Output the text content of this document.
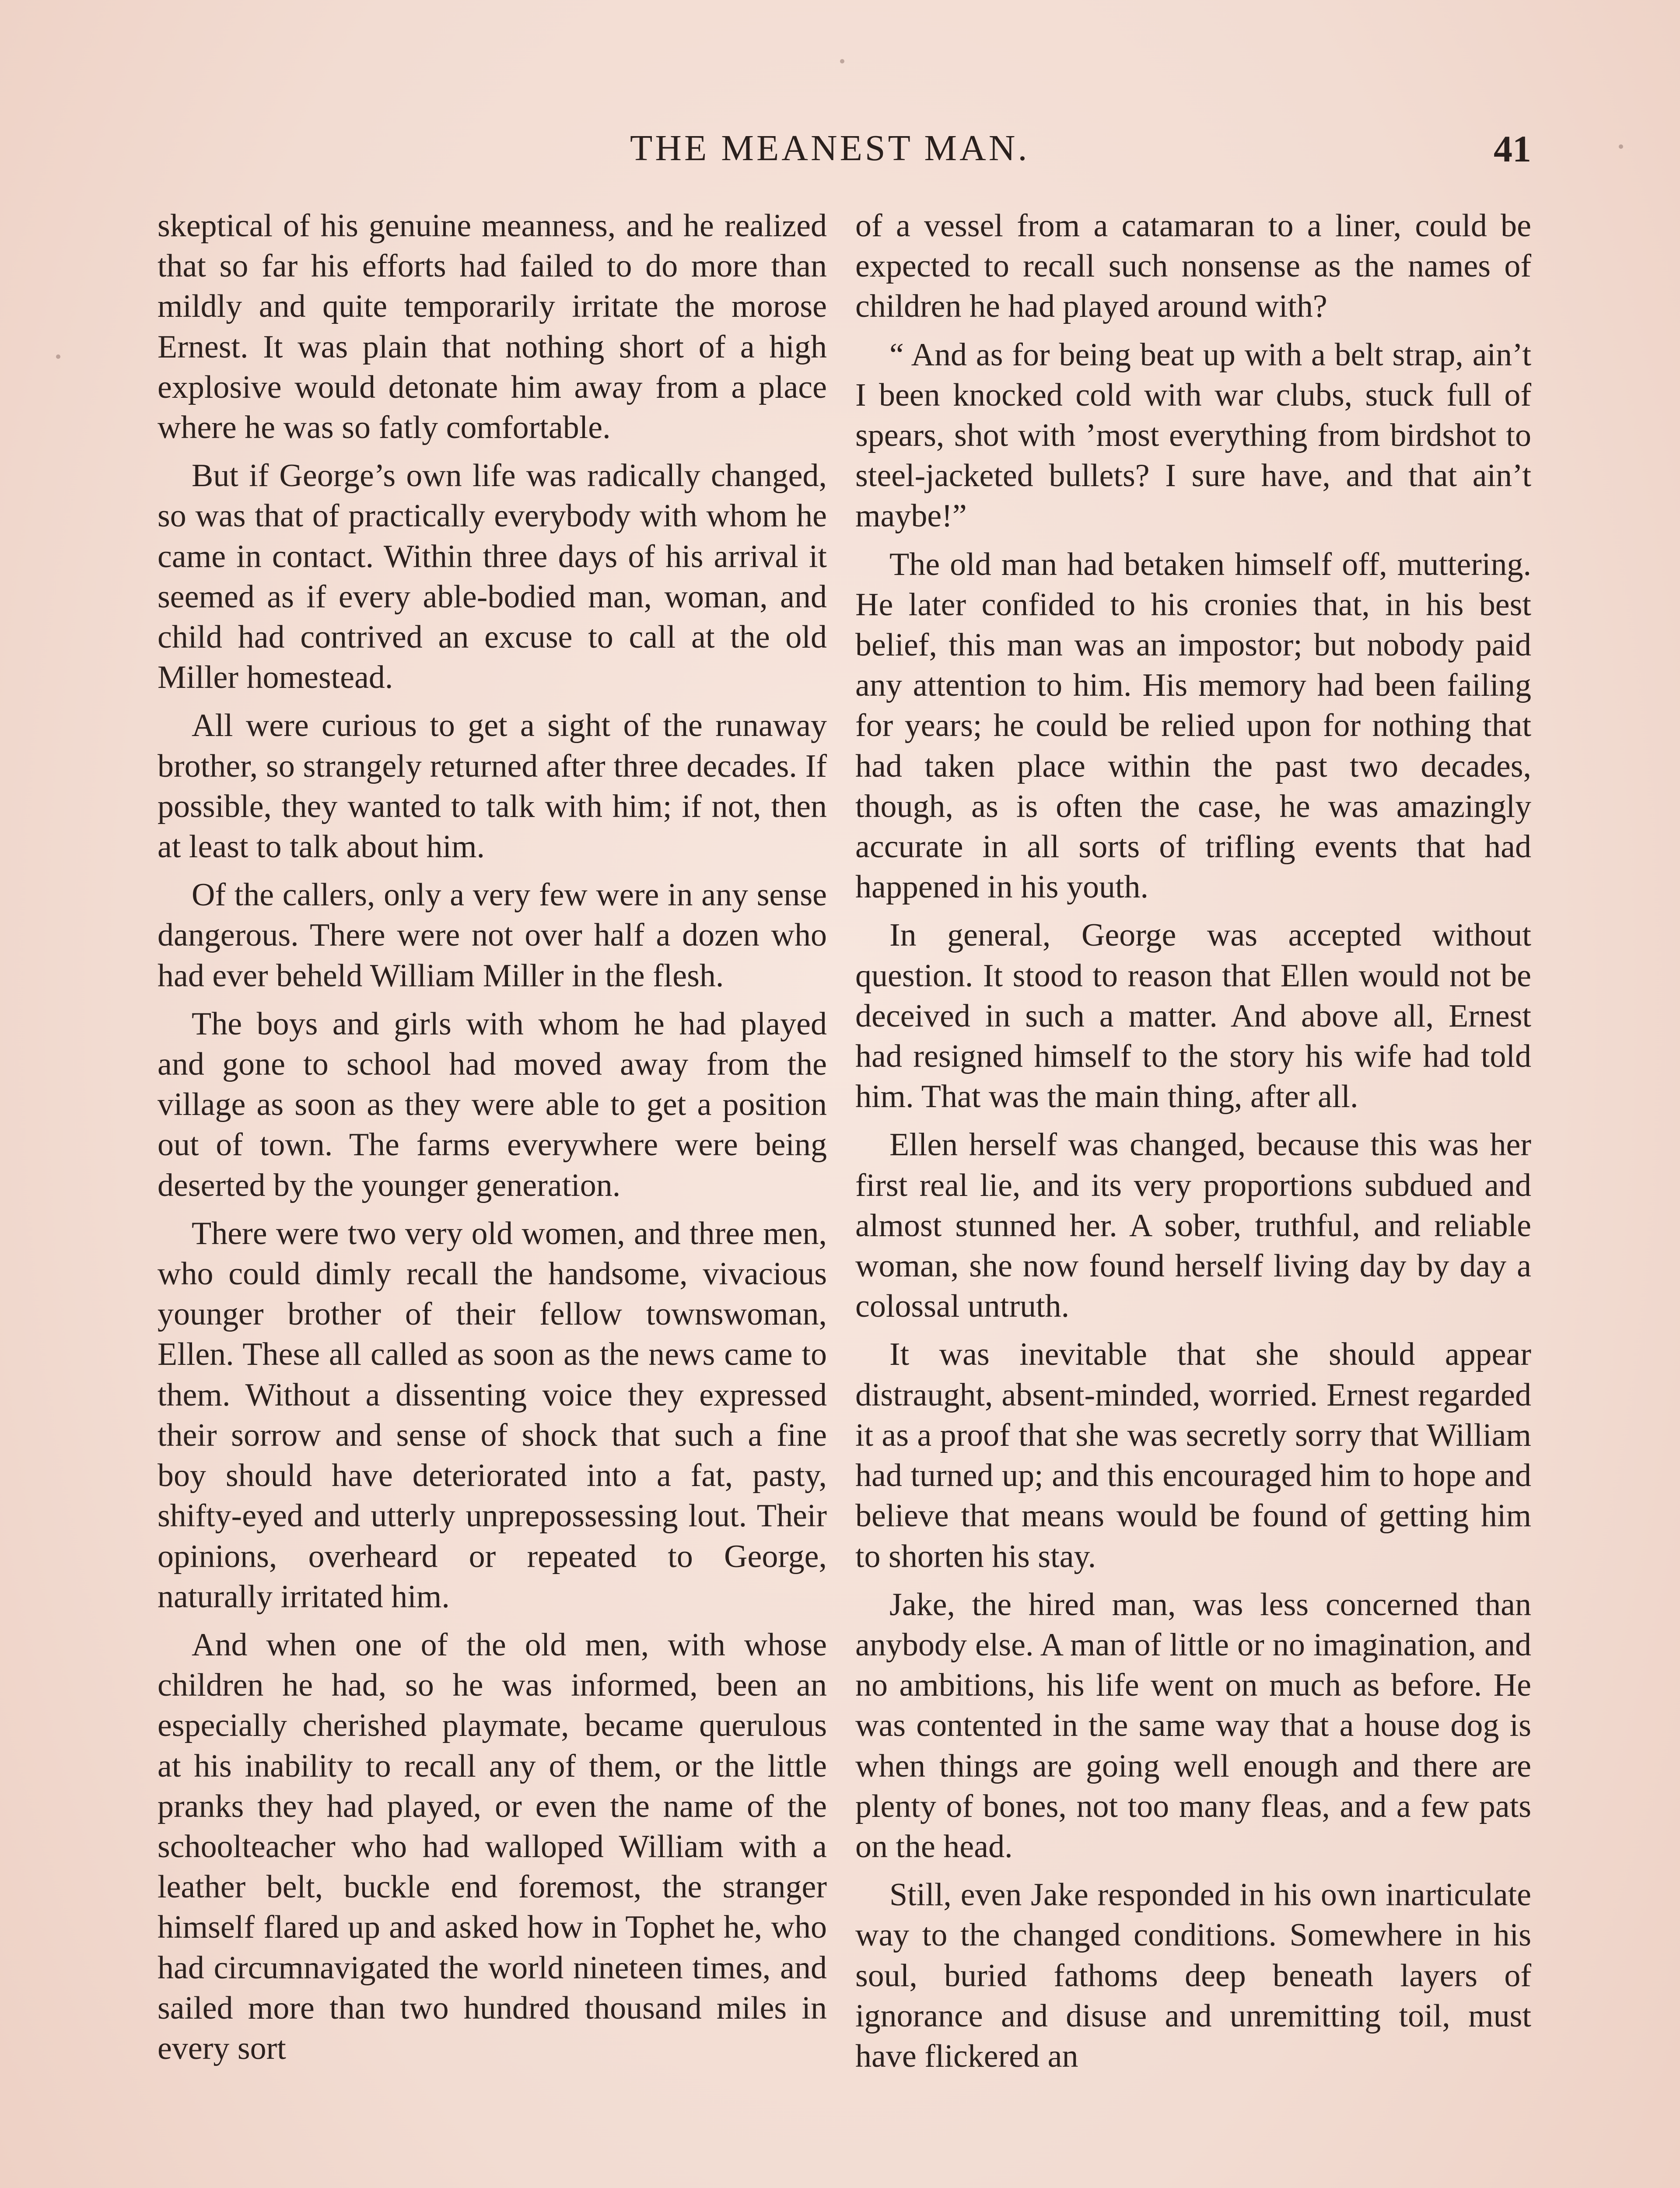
THE MEANEST MAN.	41

skeptical of his genuine meanness, and he realized that so far his efforts had failed to do more than mildly and quite temporarily irritate the morose Ernest. It was plain that nothing short of a high explosive would detonate him away from a place where he was so fatly comfortable.

But if George’s own life was radically changed, so was that of practically everybody with whom he came in contact. Within three days of his arrival it seemed as if every able-bodied man, woman, and child had contrived an excuse to call at the old Miller homestead.

All were curious to get a sight of the runaway brother, so strangely returned after three decades. If possible, they wanted to talk with him; if not, then at least to talk about him.

Of the callers, only a very few were in any sense dangerous. There were not over half a dozen who had ever beheld William Miller in the flesh.

The boys and girls with whom he had played and gone to school had moved away from the village as soon as they were able to get a position out of town. The farms everywhere were being deserted by the younger generation.

There were two very old women, and three men, who could dimly recall the handsome, vivacious younger brother of their fellow townswoman, Ellen. These all called as soon as the news came to them. Without a dissenting voice they expressed their sorrow and sense of shock that such a fine boy should have deteriorated into a fat, pasty, shifty-eyed and utterly unprepossessing lout. Their opinions, overheard or repeated to George, naturally irritated him.

And when one of the old men, with whose children he had, so he was informed, been an especially cherished playmate, became querulous at his inability to recall any of them, or the little pranks they had played, or even the name of the schoolteacher who had walloped William with a leather belt, buckle end foremost, the stranger himself flared up and asked how in Tophet he, who had circumnavigated the world nineteen times, and sailed more than two hundred thousand miles in every sort

of a vessel from a catamaran to a liner, could be expected to recall such nonsense as the names of children he had played around with?

“ And as for being beat up with a belt strap, ain’t I been knocked cold with war clubs, stuck full of spears, shot with ’most everything from birdshot to steel-jacketed bullets? I sure have, and that ain’t maybe!”

The old man had betaken himself off, muttering. He later confided to his cronies that, in his best belief, this man was an impostor; but nobody paid any attention to him. His memory had been failing for years; he could be relied upon for nothing that had taken place within the past two decades, though, as is often the case, he was amazingly accurate in all sorts of trifling events that had happened in his youth.

In general, George was accepted without question. It stood to reason that Ellen would not be deceived in such a matter. And above all, Ernest had resigned himself to the story his wife had told him. That was the main thing, after all.

Ellen herself was changed, because this was her first real lie, and its very proportions subdued and almost stunned her. A sober, truthful, and reliable woman, she now found herself living day by day a colossal untruth.

It was inevitable that she should appear distraught, absent-minded, worried. Ernest regarded it as a proof that she was secretly sorry that William had turned up; and this encouraged him to hope and believe that means would be found of getting him to shorten his stay.

Jake, the hired man, was less concerned than anybody else. A man of little or no imagination, and no ambitions, his life went on much as before. He was contented in the same way that a house dog is when things are going well enough and there are plenty of bones, not too many fleas, and a few pats on the head.

Still, even Jake responded in his own inarticulate way to the changed conditions. Somewhere in his soul, buried fathoms deep beneath layers of ignorance and disuse and unremitting toil, must have flickered an
